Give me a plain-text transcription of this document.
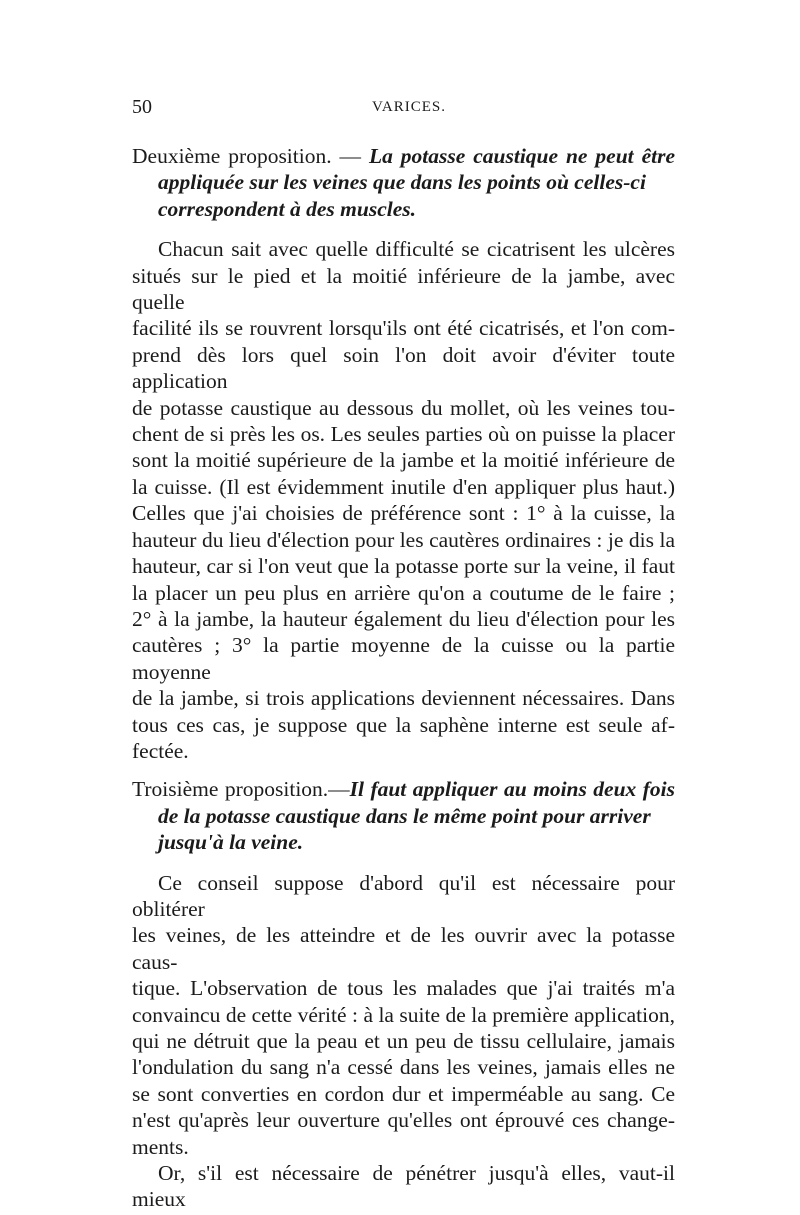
50	VARICES.

Deuxième proposition. — La potasse caustique ne peut être

appliquée sur les veines que dans les points où celles-ci

correspondent à des muscles.

Chacun sait avec quelle difficulté se cicatrisent les ulcères

situés sur le pied et la moitié inférieure de la jambe, avec quelle

facilité ils se rouvrent lorsqu'ils ont été cicatrisés, et l'on com-

prend dès lors quel soin l'on doit avoir d'éviter toute application

de potasse caustique au dessous du mollet, où les veines tou-

chent de si près les os. Les seules parties où on puisse la placer

sont la moitié supérieure de la jambe et la moitié inférieure de

la cuisse. (Il est évidemment inutile d'en appliquer plus haut.)

Celles que j'ai choisies de préférence sont : 1° à la cuisse, la

hauteur du lieu d'élection pour les cautères ordinaires : je dis la

hauteur, car si l'on veut que la potasse porte sur la veine, il faut

la placer un peu plus en arrière qu'on a coutume de le faire ;

2° à la jambe, la hauteur également du lieu d'élection pour les

cautères ; 3° la partie moyenne de la cuisse ou la partie moyenne

de la jambe, si trois applications deviennent nécessaires. Dans

tous ces cas, je suppose que la saphène interne est seule af-

fectée.

Troisième proposition.—Il faut appliquer au moins deux fois

de la potasse caustique dans le même point pour arriver

jusqu'à la veine.

Ce conseil suppose d'abord qu'il est nécessaire pour oblitérer

les veines, de les atteindre et de les ouvrir avec la potasse caus-

tique. L'observation de tous les malades que j'ai traités m'a

convaincu de cette vérité : à la suite de la première application,

qui ne détruit que la peau et un peu de tissu cellulaire, jamais

l'ondulation du sang n'a cessé dans les veines, jamais elles ne

se sont converties en cordon dur et imperméable au sang. Ce

n'est qu'après leur ouverture qu'elles ont éprouvé ces change-

ments.

Or, s'il est nécessaire de pénétrer jusqu'à elles, vaut-il mieux
